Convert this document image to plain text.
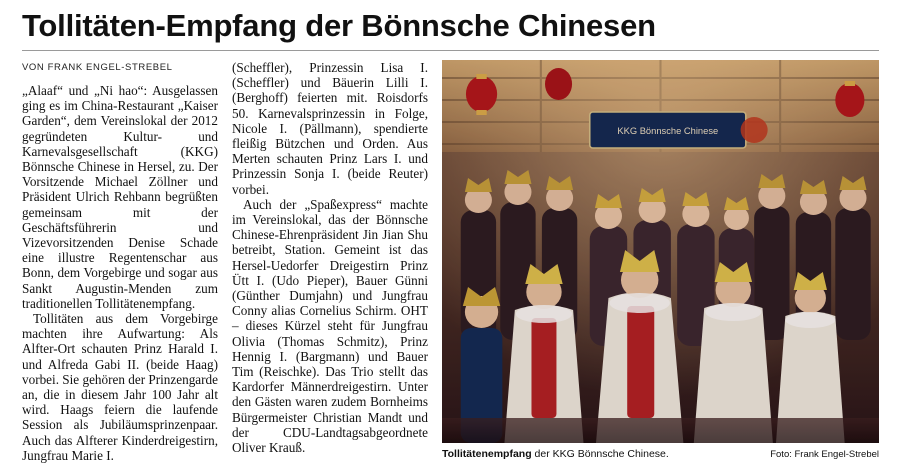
Tollitäten-Empfang der Bönnsche Chinesen
VON FRANK ENGEL-STREBEL

„Alaaf“ und „Ni hao“: Ausgelassen ging es im China-Restaurant „Kaiser Garden“, dem Vereinslokal der 2012 gegründeten Kultur- und Karnevalsgesellschaft (KKG) Bönnsche Chinese in Hersel, zu. Der Vorsitzende Michael Zöllner und Präsident Ulrich Rehbann begrüßten gemeinsam mit der Geschäftsführerin und Vizevorsitzenden Denise Schade eine illustre Regentenschar aus Bonn, dem Vorgebirge und sogar aus Sankt Augustin-Menden zum traditionellen Tollitätenempfang.

Tollitäten aus dem Vorgebirge machten ihre Aufwartung: Als Alfter-Ort schauten Prinz Harald I. und Alfreda Gabi II. (beide Haag) vorbei. Sie gehören der Prinzengarde an, die in diesem Jahr 100 Jahr alt wird. Haags feiern die laufende Session als Jubiläumsprinzenpaar. Auch das Alfterer Kinderdreigestirn, Jungfrau Marie I.

(Scheffler), Prinzessin Lisa I. (Scheffler) und Bäuerin Lilli I. (Berghoff) feierten mit. Roisdorfs 50. Karnevalsprinzessin in Folge, Nicole I. (Pällmann), spendierte fleißig Bützchen und Orden. Aus Merten schauten Prinz Lars I. und Prinzessin Sonja I. (beide Reuter) vorbei.

Auch der „Spaßexpress“ machte im Vereinslokal, das der Bönnsche Chinese-Ehrenpräsident Jin Jian Shu betreibt, Station. Gemeint ist das Hersel-Uedorfer Dreigestirn Prinz Ütt I. (Udo Pieper), Bauer Günni (Günther Dumjahn) und Jungfrau Conny alias Cornelius Schirm. OHT – dieses Kürzel steht für Jungfrau Olivia (Thomas Schmitz), Prinz Hennig I. (Bargmann) und Bauer Tim (Reischke). Das Trio stellt das Kardorfer Männerdreigestirn. Unter den Gästen waren zudem Bornheims Bürgermeister Christian Mandt und der CDU-Landtagsabgeordnete Oliver Krauß.

KKG Bönnsche Chinese
Tollitätenempfang der KKG Bönnsche Chinese.	Foto: Frank Engel-Strebel
